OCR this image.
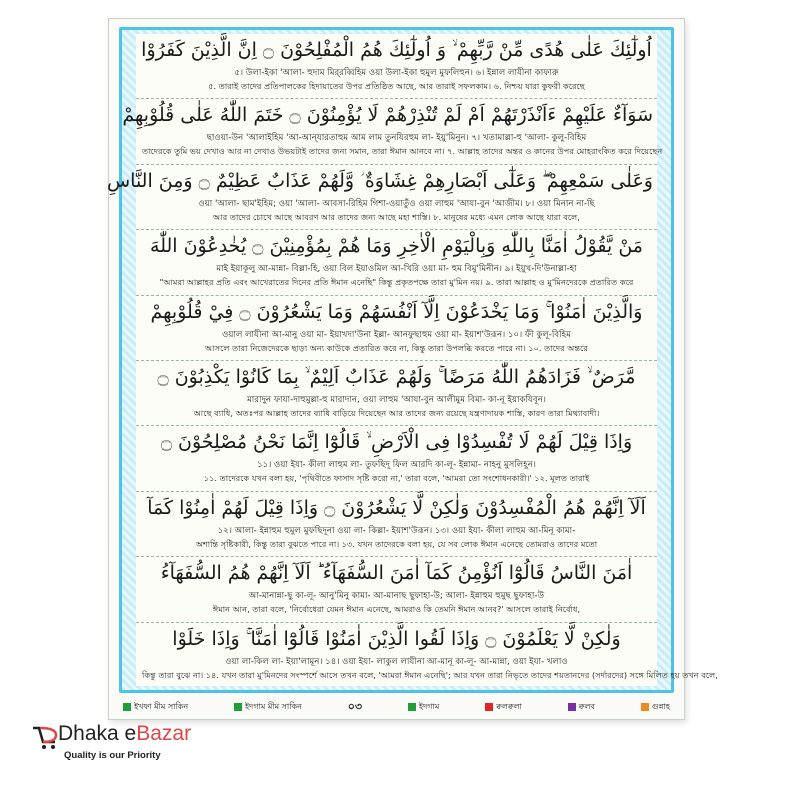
اُولٰٓئِكَ عَلٰى هُدًى مِّنْ رَّبِّهِمْ ۙ وَ اُولٰٓئِكَ هُمُ الْمُفْلِحُوْنَ ۝ اِنَّ الَّذِيْنَ كَفَرُوْا
৫। উলা-ইকা 'আলা- হুদাম মির্‌রব্বিহিম ওয়া উলা-ইকা হুমুল মুফলিহুন। ৬। ইন্নাল লাযীনা কাফারু
৫. তারাই তাদের প্রতিপালকের হিদায়াতের উপর প্রতিষ্ঠিত আছে, আর তারাই সফলকাম। ৬. নিশ্চয় যারা কুফরী করেছে
سَوَآءٌ عَلَيْهِمْ ءَاَنْذَرْتَهُمْ اَمْ لَمْ تُنْذِرْهُمْ لَا يُؤْمِنُوْنَ ۝ خَتَمَ اللّٰهُ عَلٰى قُلُوْبِهِمْ
ছাওয়া-উন 'আলাইহিম 'আ-আন্‌যারতাহুম আম লাম তুনযিরহুম লা- ইয়ু'মিনুন। ৭। খতামাল্লা-হু 'আলা- কুলু-বিহিম
তাদেরকে তুমি ভয় দেখাও আর না দেখাও উভয়টাই তাদের জন্য সমান, তারা ঈমান আনবে না। ৭. আল্লাহ তাদের অন্তর ও কানের উপর মোহরাংকিত করে দিয়েছেন
وَعَلٰى سَمْعِهِمْ ۖ وَعَلٰٓى اَبْصَارِهِمْ غِشَاوَةٌ ؗ وَّلَهُمْ عَذَابٌ عَظِيْمٌ ۝ وَمِنَ النَّاسِ
ওয়া 'আলা- ছাম'ইহিম; ওয়া 'আলা- আবসা-রিহিম গিশা-ওয়াতুঁও ওয়া লাহুম 'আযা-বুন 'আজীম। ৮। ওয়া মিনান না-ছি
আর তাদের চোখে আছে আবরণ আর তাদের জন্য আছে মহা শাস্তি। ৮. মানুষের মধ্যে এমন লোক আছে যারা বলে,
مَنْ يَّقُوْلُ اٰمَنَّا بِاللّٰهِ وَبِالْيَوْمِ الْاٰخِرِ وَمَا هُمْ بِمُؤْمِنِيْنَ ۝ يُخٰدِعُوْنَ اللّٰهَ
মাই ইয়াকূলু আ-মান্না- বিল্লা-হি, ওয়া বিল ইয়াওমিল আ-খিরি ওয়া মা- হুম বিমু'মিনীন। ৯। ইয়ুখ-দি'উনাল্লা-হা
"আমরা আল্লাহর প্রতি এবং আখেরাতের দিনের প্রতি ঈমান এনেছি" কিন্তু প্রকৃতপক্ষে তারা মু'মিন নয়। ৯. তারা আল্লাহ ও মু'মিনদেরকে প্রতারিত করে
وَالَّذِيْنَ اٰمَنُوْا ۚ وَمَا يَخْدَعُوْنَ اِلَّآ اَنْفُسَهُمْ وَمَا يَشْعُرُوْنَ ۝ فِيْ قُلُوْبِهِمْ
ওয়াল লাযীনা আ-মানু ওয়া মা- ইয়াখদা'উনা ইল্লা- আনফুছাহুম ওয়া মা- ইয়াশ'উরূন। ১০। ফী কুলূ-বিহিম
আসলে তারা নিজেদেরকে ছাড়া অন্য কাউকে প্রতারিত করে না, কিন্তু তারা উপলব্ধি করতে পারে না। ১০. তাদের অন্তরে
مَّرَضٌ ۙ فَزَادَهُمُ اللّٰهُ مَرَضًا ۚ وَلَهُمْ عَذَابٌ اَلِيْمٌ ۙ بِمَا كَانُوْا يَكْذِبُوْنَ ۝
মারাদুন ফাযা-দাহুমুল্লা-হু মারাদান, ওয়া লাহুম 'আযা-বুন আলীমুম বিমা- কা-নূ ইয়াকযিবূন।
আছে ব্যাধি, অতঃপর আল্লাহ তাদের ব্যাধি বাড়িয়ে দিয়েছেন আর তাদের জন্য রয়েছে যন্ত্রণাদায়ক শাস্তি, কারণ তারা মিথ্যাবাদী।
وَاِذَا قِيْلَ لَهُمْ لَا تُفْسِدُوْا فِى الْاَرْضِ ۙ قَالُوْٓا اِنَّمَا نَحْنُ مُصْلِحُوْنَ ۝
১১। ওয়া ইযা- কীলা লাহুম লা- তুফছিদূ ফিল আরদি কা-লূ- ইন্নামা- নাহনু মুসলিহূন।
১১. তাদেরকে যখন বলা হয়, 'পৃথিবীতে ফাসাদ সৃষ্টি করো না,' তারা বলে, 'আমরা তো সংশোধনকারী।' ১২. মূলত তারাই
اَلَآ اِنَّهُمْ هُمُ الْمُفْسِدُوْنَ وَلٰكِنْ لَّا يَشْعُرُوْنَ ۝ وَاِذَا قِيْلَ لَهُمْ اٰمِنُوْا كَمَآ
১২। আলা- ইন্নাহুম হুমুল মুফছিদূনা ওয়া লা- কিল্লা- ইয়াশ'উরূন। ১৩। ওয়া ইযা- কীলা লাহুম আ-মিনূ কামা-
অশান্তি সৃষ্টিকারী, কিন্তু তারা বুঝতে পারে না। ১৩. যখন তাদেরকে বলা হয়, যে সব লোক ঈমান এনেছে তোমরাও তাদের মতো
اٰمَنَ النَّاسُ قَالُوْٓا اَنُؤْمِنُ كَمَآ اٰمَنَ السُّفَهَآءُ ؕ اَلَآ اِنَّهُمْ هُمُ السُّفَهَآءُ
আ-মানান্না-ছু কা-লূ- আনু'মিনু কামা- আ-মানাছ ছুফাহা-উ; আলা- ইন্নাহুম হুমুছ ছুফাহা-উ
ঈমান আন, তারা বলে, 'নির্বোধেরা যেমন ঈমান এনেছে, আমরাও কি তেমনি ঈমান আনব?' আসলে তারাই নির্বোধ,
وَلٰكِنْ لَّا يَعْلَمُوْنَ ۝ وَاِذَا لَقُوا الَّذِيْنَ اٰمَنُوْا قَالُوْٓا اٰمَنَّا ۚ وَاِذَا خَلَوْا
ওয়া লা-কিল লা- ইয়া'লামূন। ১৪। ওয়া ইযা- লাকুল লাযীনা আ-মানূ কা-লূ- আ-মান্না, ওয়া ইযা- খলাও
কিন্তু তারা বুঝে না। ১৪. যখন তারা মু'মিনদের সংস্পর্শে আসে তখন বলে, 'আমরা ঈমান এনেছি'; আর যখন তারা নিভৃতে তাদের শয়তানদের (সর্দারদের) সঙ্গে মিলিত হয় তখন বলে,
ইখফা মীম সাকিন	ইদগাম মীম সাকিন	০৩	ইদগাম	ক্বলক্বলা	ক্বলব	গুন্নাহ
Dhaka eBazar
Quality is our Priority
